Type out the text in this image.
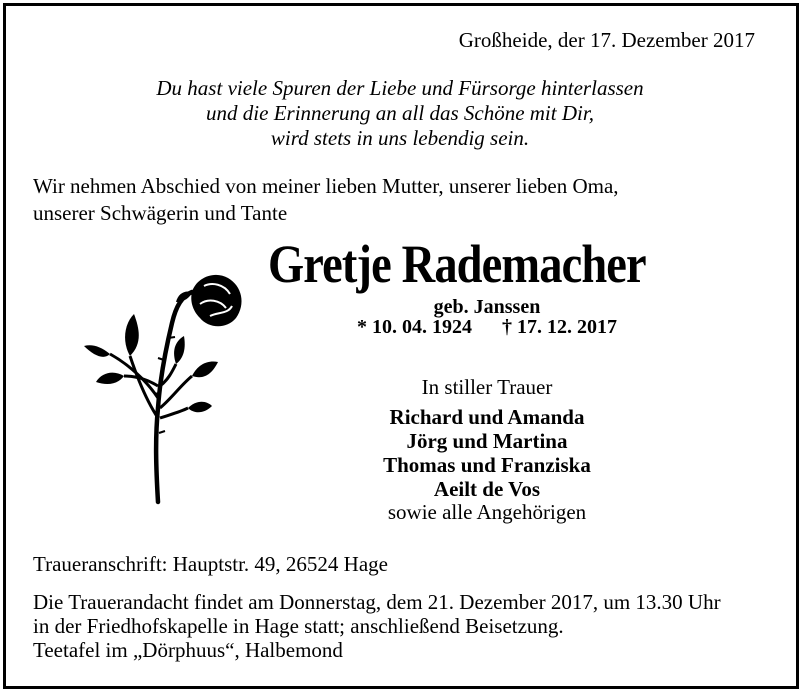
Großheide, der 17. Dezember 2017
Du hast viele Spuren der Liebe und Fürsorge hinterlassen
und die Erinnerung an all das Schöne mit Dir,
wird stets in uns lebendig sein.
Wir nehmen Abschied von meiner lieben Mutter, unserer lieben Oma,
unserer Schwägerin und Tante
Gretje Rademacher
geb. Janssen
* 10. 04. 1924 † 17. 12. 2017
In stiller Trauer
Richard und Amanda
Jörg und Martina
Thomas und Franziska
Aeilt de Vos
sowie alle Angehörigen
Traueranschrift: Hauptstr. 49, 26524 Hage
Die Trauerandacht findet am Donnerstag, dem 21. Dezember 2017, um 13.30 Uhr
in der Friedhofskapelle in Hage statt; anschließend Beisetzung.
Teetafel im „Dörphuus“, Halbemond
